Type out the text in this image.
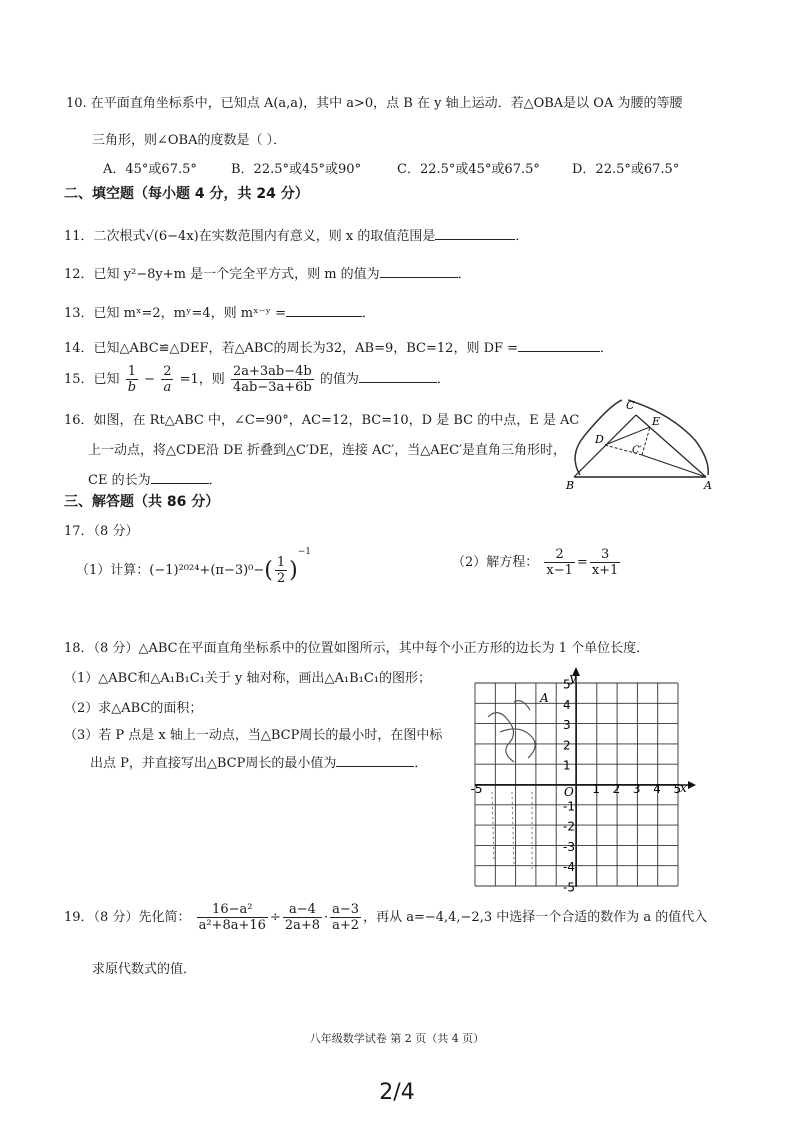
10. 在平面直角坐标系中，已知点 A(a,a)，其中 a>0，点 B 在 y 轴上运动．若△OBA是以 OA 为腰的等腰
三角形，则∠OBA的度数是（ ）．
A．45°或67.5°	B．22.5°或45°或90°	C．22.5°或45°或67.5° D．22.5°或67.5°
二、填空题（每小题 4 分，共 24 分）
11．二次根式√(6−4x)在实数范围内有意义，则 x 的取值范围是	．
12．已知 y²−8y+m 是一个完全平方式，则 m 的值为	．
13．已知 mˣ=2，mʸ=4，则 mˣ⁻ʸ =	．
14．已知△ABC≌△DEF，若△ABC的周长为32，AB=9，BC=12，则 DF =	．
15．已知 $\frac{1}{b} - \frac{2}{a} =1$，则 $\frac{2a+3ab-4b}{4ab-3a+6b}$ 的值为	．
16．如图，在 Rt△ABC 中，∠C=90°，AC=12，BC=10，D 是 BC 的中点，E 是 AC
上一动点，将△CDE沿 DE 折叠到△C′DE，连接 AC′，当△AEC′是直角三角形时，
CE 的长为	．
C
E
D
C′
B	A
三、解答题（共 86 分）
17．（8 分）
（1）计算：$(-1)^{2024}+(\pi-3)^0-( \frac{1}{2} )^{-1}$
（2）解方程： $\frac{2}{x-1} = \frac{3}{x+1}$
18．（8 分）△ABC在平面直角坐标系中的位置如图所示，其中每个小正方形的边长为 1 个单位长度．
（1）△ABC和△A₁B₁C₁关于 y 轴对称，画出△A₁B₁C₁的图形；
（2）求△ABC的面积；
（3）若 P 点是 x 轴上一动点，当△BCP周长的最小时，在图中标
出点 P，并直接写出△BCP周长的最小值为	．
y
x
O
A
-5	1 2 3 4 5
5
4
3
2
1
-1
-2
-3
-4
-5
19．（8 分）先化简： $\frac{\text{16−a²}}{\text{a²+8a+16}} \div \frac{a-4}{2a+8} \cdot \frac{a-3}{a+2}$ ，再从 a=−4,4,−2,3 中选择一个合适的数作为 a 的值代入
求原代数式的值．
八年级数学试卷 第 2 页（共 4 页）
2/4
